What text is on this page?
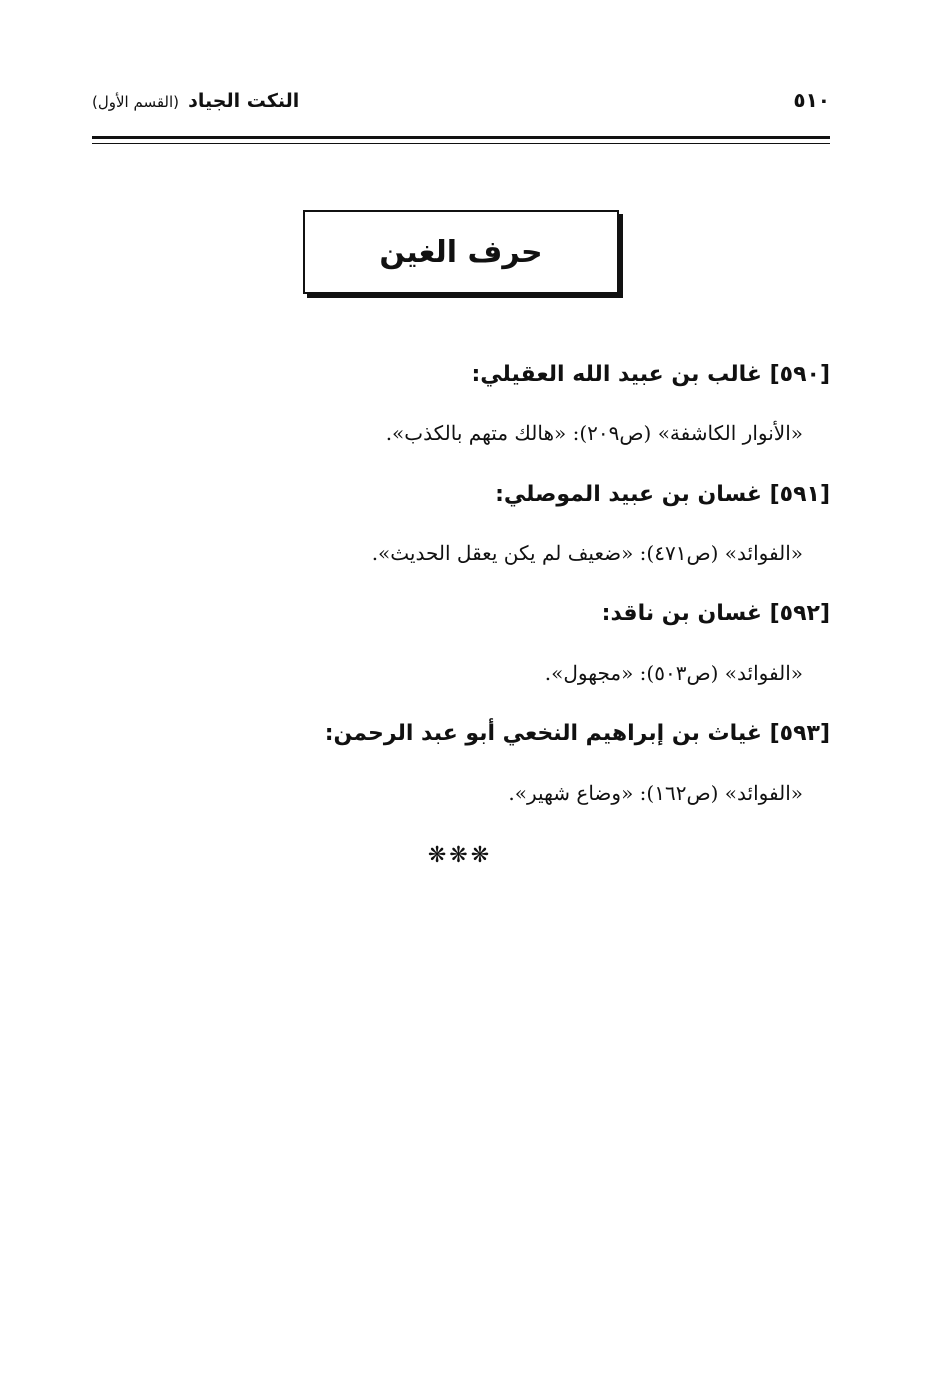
٥١٠
النكت الجياد (القسم الأول)
حرف الغين
[٥٩٠] غالب بن عبيد الله العقيلي:
«الأنوار الكاشفة» (ص٢٠٩): «هالك متهم بالكذب».
[٥٩١] غسان بن عبيد الموصلي:
«الفوائد» (ص٤٧١): «ضعيف لم يكن يعقل الحديث».
[٥٩٢] غسان بن ناقد:
«الفوائد» (ص٥٠٣): «مجهول».
[٥٩٣] غياث بن إبراهيم النخعي أبو عبد الرحمن:
«الفوائد» (ص١٦٢): «وضاع شهير».
❋❋❋
